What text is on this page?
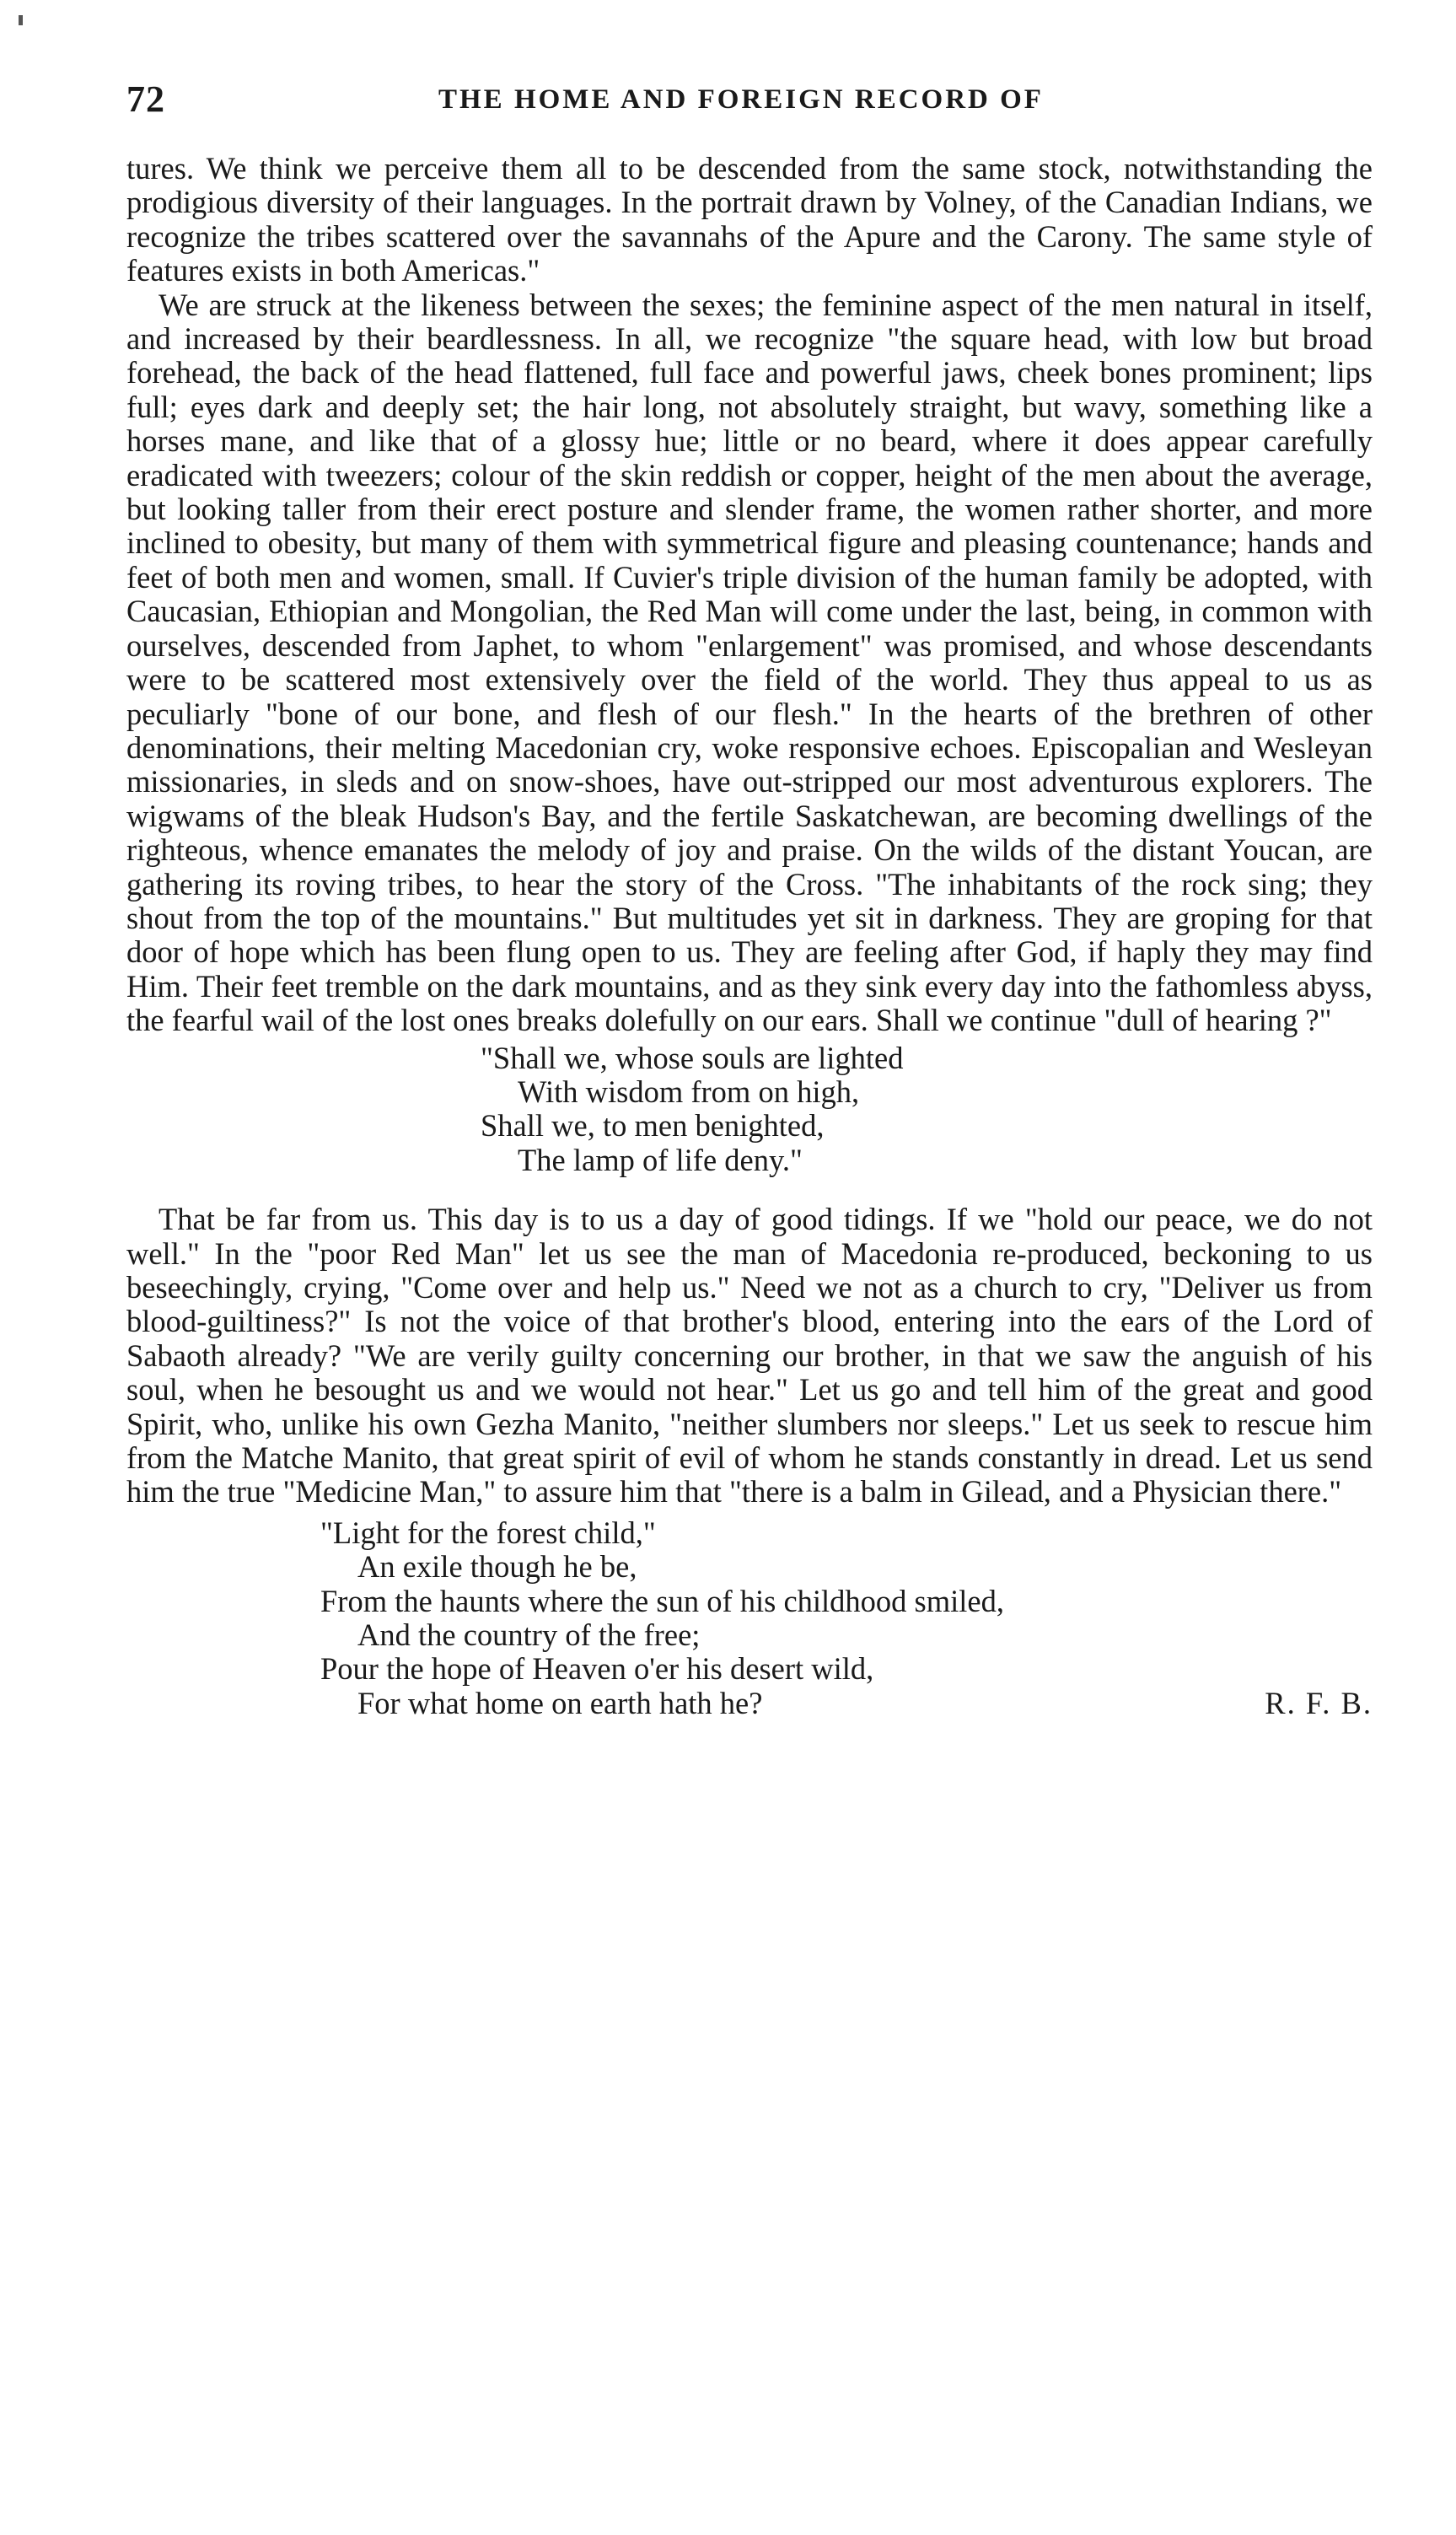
72	THE HOME AND FOREIGN RECORD OF

tures. We think we perceive them all to be descended from the same stock, notwithstanding the prodigious diversity of their languages. In the portrait drawn by Volney, of the Canadian Indians, we recognize the tribes scattered over the savannahs of the Apure and the Carony. The same style of features exists in both Americas."

We are struck at the likeness between the sexes; the feminine aspect of the men natural in itself, and increased by their beardlessness. In all, we recognize "the square head, with low but broad forehead, the back of the head flattened, full face and powerful jaws, cheek bones prominent; lips full; eyes dark and deeply set; the hair long, not absolutely straight, but wavy, something like a horses mane, and like that of a glossy hue; little or no beard, where it does appear carefully eradicated with tweezers; colour of the skin reddish or copper, height of the men about the average, but looking taller from their erect posture and slender frame, the women rather shorter, and more inclined to obesity, but many of them with symmetrical figure and pleasing countenance; hands and feet of both men and women, small. If Cuvier's triple division of the human family be adopted, with Caucasian, Ethiopian and Mongolian, the Red Man will come under the last, being, in common with ourselves, descended from Japhet, to whom "enlargement" was promised, and whose descendants were to be scattered most extensively over the field of the world. They thus appeal to us as peculiarly "bone of our bone, and flesh of our flesh." In the hearts of the brethren of other denominations, their melting Macedonian cry, woke responsive echoes. Episcopalian and Wesleyan missionaries, in sleds and on snow-shoes, have out-stripped our most adventurous explorers. The wigwams of the bleak Hudson's Bay, and the fertile Saskatchewan, are becoming dwellings of the righteous, whence emanates the melody of joy and praise. On the wilds of the distant Youcan, are gathering its roving tribes, to hear the story of the Cross. "The inhabitants of the rock sing; they shout from the top of the mountains." But multitudes yet sit in darkness. They are groping for that door of hope which has been flung open to us. They are feeling after God, if haply they may find Him. Their feet tremble on the dark mountains, and as they sink every day into the fathomless abyss, the fearful wail of the lost ones breaks dolefully on our ears. Shall we continue "dull of hearing ?"

"Shall we, whose souls are lighted
With wisdom from on high,
Shall we, to men benighted,
The lamp of life deny."

That be far from us. This day is to us a day of good tidings. If we "hold our peace, we do not well." In the "poor Red Man" let us see the man of Macedonia re-produced, beckoning to us beseechingly, crying, "Come over and help us." Need we not as a church to cry, "Deliver us from blood-guiltiness?" Is not the voice of that brother's blood, entering into the ears of the Lord of Sabaoth already? "We are verily guilty concerning our brother, in that we saw the anguish of his soul, when he besought us and we would not hear." Let us go and tell him of the great and good Spirit, who, unlike his own Gezha Manito, "neither slumbers nor sleeps." Let us seek to rescue him from the Matche Manito, that great spirit of evil of whom he stands constantly in dread. Let us send him the true "Medicine Man," to assure him that "there is a balm in Gilead, and a Physician there."

"Light for the forest child,"
An exile though he be,
From the haunts where the sun of his childhood smiled,
And the country of the free;
Pour the hope of Heaven o'er his desert wild,
For what home on earth hath he?	R. F. B.
